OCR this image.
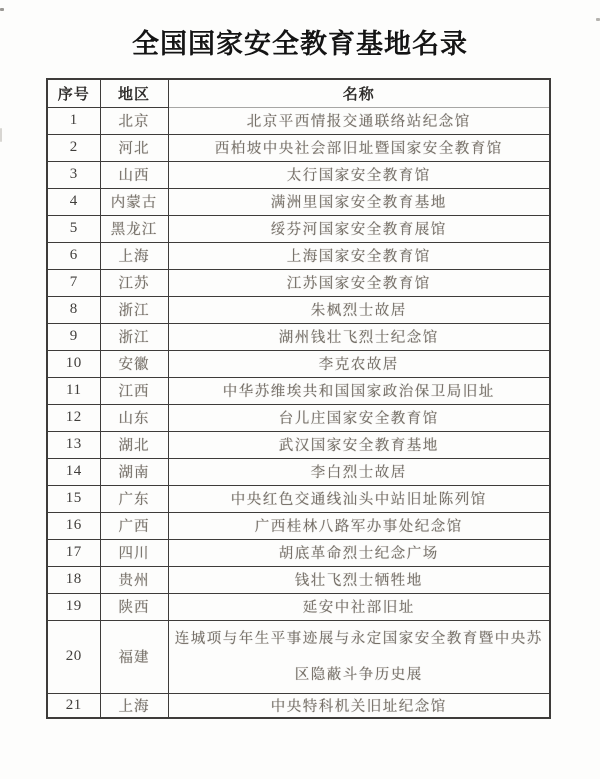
全国国家安全教育基地名录
序号	地区	名称
1	北京	北京平西情报交通联络站纪念馆
2	河北	西柏坡中央社会部旧址暨国家安全教育馆
3	山西	太行国家安全教育馆
4	内蒙古	满洲里国家安全教育基地
5	黑龙江	绥芬河国家安全教育展馆
6	上海	上海国家安全教育馆
7	江苏	江苏国家安全教育馆
8	浙江	朱枫烈士故居
9	浙江	湖州钱壮飞烈士纪念馆
10	安徽	李克农故居
11	江西	中华苏维埃共和国国家政治保卫局旧址
12	山东	台儿庄国家安全教育馆
13	湖北	武汉国家安全教育基地
14	湖南	李白烈士故居
15	广东	中央红色交通线汕头中站旧址陈列馆
16	广西	广西桂林八路军办事处纪念馆
17	四川	胡底革命烈士纪念广场
18	贵州	钱壮飞烈士牺牲地
19	陕西	延安中社部旧址
20	福建	连城项与年生平事迹展与永定国家安全教育暨中央苏区隐蔽斗争历史展
21	上海	中央特科机关旧址纪念馆
